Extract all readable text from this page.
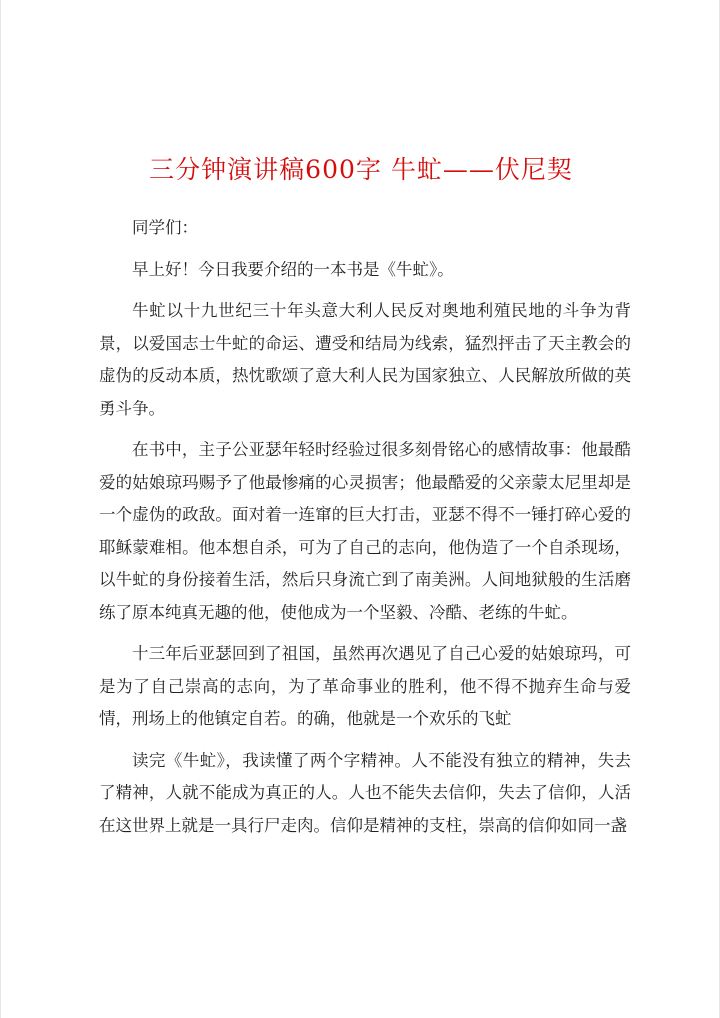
三分钟演讲稿600字 牛虻——伏尼契

同学们：

早上好！今日我要介绍的一本书是《牛虻》。

牛虻以十九世纪三十年头意大利人民反对奥地利殖民地的斗争为背景，以爱国志士牛虻的命运、遭受和结局为线索，猛烈抨击了天主教会的虚伪的反动本质，热忱歌颂了意大利人民为国家独立、人民解放所做的英勇斗争。

在书中，主子公亚瑟年轻时经验过很多刻骨铭心的感情故事：他最酷爱的姑娘琼玛赐予了他最惨痛的心灵损害；他最酷爱的父亲蒙太尼里却是一个虚伪的政敌。面对着一连窜的巨大打击，亚瑟不得不一锤打碎心爱的耶稣蒙难相。他本想自杀，可为了自己的志向，他伪造了一个自杀现场，以牛虻的身份接着生活，然后只身流亡到了南美洲。人间地狱般的生活磨练了原本纯真无趣的他，使他成为一个坚毅、冷酷、老练的牛虻。

十三年后亚瑟回到了祖国，虽然再次遇见了自己心爱的姑娘琼玛，可是为了自己崇高的志向，为了革命事业的胜利，他不得不抛弃生命与爱情，刑场上的他镇定自若。的确，他就是一个欢乐的飞虻

读完《牛虻》，我读懂了两个字精神。人不能没有独立的精神，失去了精神，人就不能成为真正的人。人也不能失去信仰，失去了信仰，人活在这世界上就是一具行尸走肉。信仰是精神的支柱，崇高的信仰如同一盏
